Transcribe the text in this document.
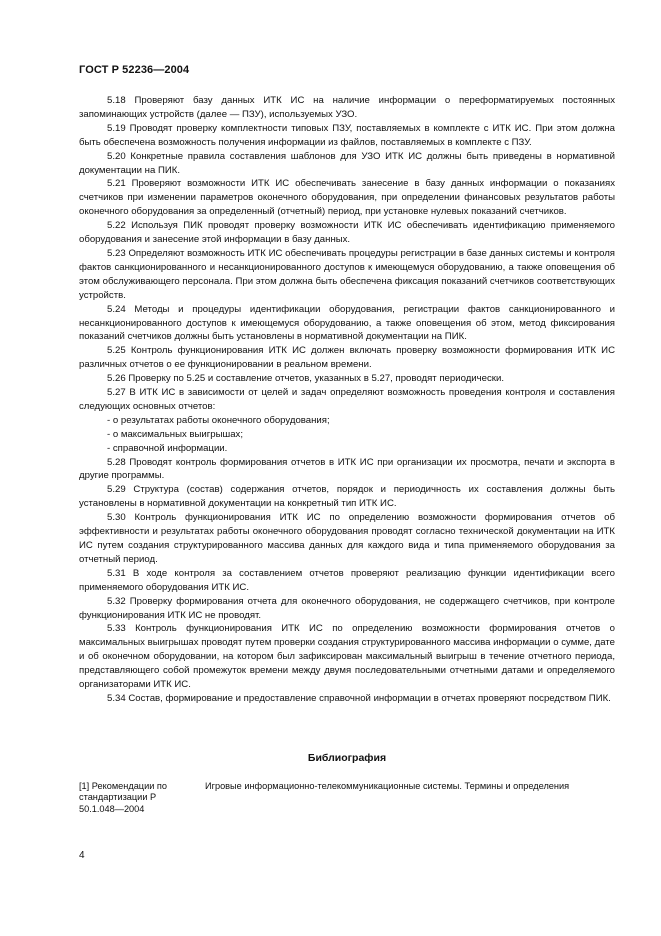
ГОСТ Р 52236—2004

5.18 Проверяют базу данных ИТК ИС на наличие информации о переформатируемых постоянных запоминающих устройств (далее — ПЗУ), используемых УЗО.

5.19 Проводят проверку комплектности типовых ПЗУ, поставляемых в комплекте с ИТК ИС. При этом должна быть обеспечена возможность получения информации из файлов, поставляемых в комплекте с ПЗУ.

5.20 Конкретные правила составления шаблонов для УЗО ИТК ИС должны быть приведены в нормативной документации на ПИК.

5.21 Проверяют возможности ИТК ИС обеспечивать занесение в базу данных информации о показаниях счетчиков при изменении параметров оконечного оборудования, при определении финансовых результатов работы оконечного оборудования за определенный (отчетный) период, при установке нулевых показаний счетчиков.

5.22 Используя ПИК проводят проверку возможности ИТК ИС обеспечивать идентификацию применяемого оборудования и занесение этой информации в базу данных.

5.23 Определяют возможность ИТК ИС обеспечивать процедуры регистрации в базе данных системы и контроля фактов санкционированного и несанкционированного доступов к имеющемуся оборудованию, а также оповещения об этом обслуживающего персонала. При этом должна быть обеспечена фиксация показаний счетчиков соответствующих устройств.

5.24 Методы и процедуры идентификации оборудования, регистрации фактов санкционированного и несанкционированного доступов к имеющемуся оборудованию, а также оповещения об этом, метод фиксирования показаний счетчиков должны быть установлены в нормативной документации на ПИК.

5.25 Контроль функционирования ИТК ИС должен включать проверку возможности формирования ИТК ИС различных отчетов о ее функционировании в реальном времени.

5.26 Проверку по 5.25 и составление отчетов, указанных в 5.27, проводят периодически.

5.27 В ИТК ИС в зависимости от целей и задач определяют возможность проведения контроля и составления следующих основных отчетов:

- о результатах работы оконечного оборудования;

- о максимальных выигрышах;

- справочной информации.

5.28 Проводят контроль формирования отчетов в ИТК ИС при организации их просмотра, печати и экспорта в другие программы.

5.29 Структура (состав) содержания отчетов, порядок и периодичность их составления должны быть установлены в нормативной документации на конкретный тип ИТК ИС.

5.30 Контроль функционирования ИТК ИС по определению возможности формирования отчетов об эффективности и результатах работы оконечного оборудования проводят согласно технической документации на ИТК ИС путем создания структурированного массива данных для каждого вида и типа применяемого оборудования за отчетный период.

5.31 В ходе контроля за составлением отчетов проверяют реализацию функции идентификации всего применяемого оборудования ИТК ИС.

5.32 Проверку формирования отчета для оконечного оборудования, не содержащего счетчиков, при контроле функционирования ИТК ИС не проводят.

5.33 Контроль функционирования ИТК ИС по определению возможности формирования отчетов о максимальных выигрышах проводят путем проверки создания структурированного массива информации о сумме, дате и об оконечном оборудовании, на котором был зафиксирован максимальный выигрыш в течение отчетного периода, представляющего собой промежуток времени между двумя последовательными отчетными датами и определяемого организаторами ИТК ИС.

5.34 Состав, формирование и предоставление справочной информации в отчетах проверяют посредством ПИК.

Библиография
[1] Рекомендации по стандартизации Р 50.1.048—2004
Игровые информационно-телекоммуникационные системы. Термины и определения
4
